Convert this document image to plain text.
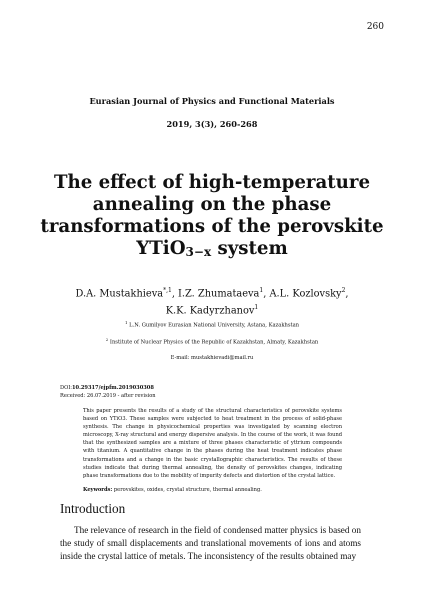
260
Eurasian Journal of Physics and Functional Materials
2019, 3(3), 260-268
The effect of high-temperature
annealing on the phase
transformations of the perovskite
YTiO$_{3-x}$ system
D.A. Mustakhieva$^{*,1}$, I.Z. Zhumataeva$^1$, A.L. Kozlovsky$^2$,
K.K. Kadyrzhanov$^1$
$^1$ L.N. Gumilyov Eurasian National University, Astana, Kazakhstan
$^2$ Institute of Nuclear Physics of the Republic of Kazakhstan, Almaty, Kazakhstan
E-mail: mustakhievadi@mail.ru
DOI:10.29317/ejpfm.2019030308
Received: 26.07.2019 - after revision
This paper presents the results of a study of the structural characteristics of perovskite systems based on YTiO3. These samples were subjected to heat treatment in the process of solid-phase synthesis. The change in physicochemical properties was investigated by scanning electron microscopy, X-ray structural and energy dispersive analysis. In the course of the work, it was found that the synthesized samples are a mixture of three phases characteristic of yttrium compounds with titanium. A quantitative change in the phases during the heat treatment indicates phase transformations and a change in the basic crystallographic characteristics. The results of these studies indicate that during thermal annealing, the density of perovskites changes, indicating phase transformations due to the mobility of impurity defects and distortion of the crystal lattice.
Keywords: perovskites, oxides, crystal structure, thermal annealing.
Introduction
The relevance of research in the field of condensed matter physics is based on the study of small displacements and translational movements of ions and atoms inside the crystal lattice of metals. The inconsistency of the results obtained may
